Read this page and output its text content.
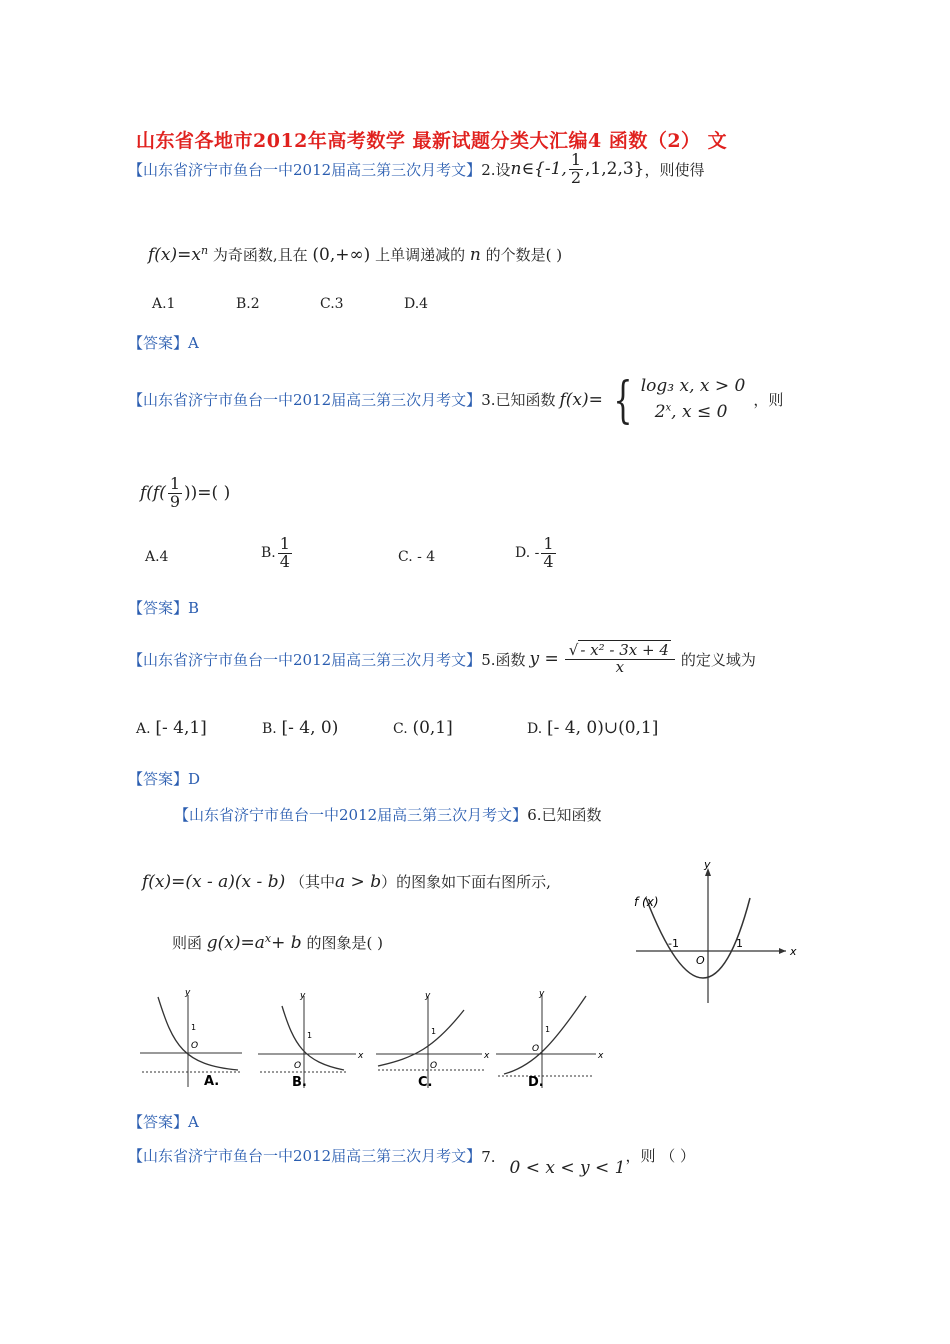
山东省各地市2012年高考数学 最新试题分类大汇编4 函数（2） 文
【山东省济宁市鱼台一中2012届高三第三次月考文】 2.设 n∈{-1, $\frac{1}{2} ,1,2,3$} ，则使得
$f(x)=x^n$ 为奇函数,且在 (0,+∞) 上单调递减的 n 的个数是( )
A.1	B.2	C.3	D.4
【答案】A
【山东省济宁市鱼台一中2012届高三第三次月考文】 3.已知函数 f(x)= { log₃ x, x > 0
2$^x$, x ≤ 0
，则
$f(f( \frac{1}{9}$ ))=( )
A.4	B. $\frac{1}{4}$	C. - 4	D. - $\frac{1}{4}$
【答案】B
【山东省济宁市鱼台一中2012届高三第三次月考文】 5.函数 $y = \frac{\text{√ - x² - 3x + 4}}{x}$ 的定义域为
A. [- 4,1]	B. [- 4, 0)	C. (0,1]	D. [- 4, 0)∪(0,1]
【答案】D
【山东省济宁市鱼台一中2012届高三第三次月考文】6.已知函数
f(x)=(x - a)(x - b) （其中a > b）的图象如下面右图所示,
则函 $g(x)=a^x+ b$ 的图象是( )	x
y
f (x)
-1	1
O
y
1
O
A.
y
1
O
x
B.
y
1
O
x
C.
y
1
O
x
D.
【答案】A
【山东省济宁市鱼台一中2012届高三第三次月考文】 7.
0 < x < y < 1
，则 （ ）
